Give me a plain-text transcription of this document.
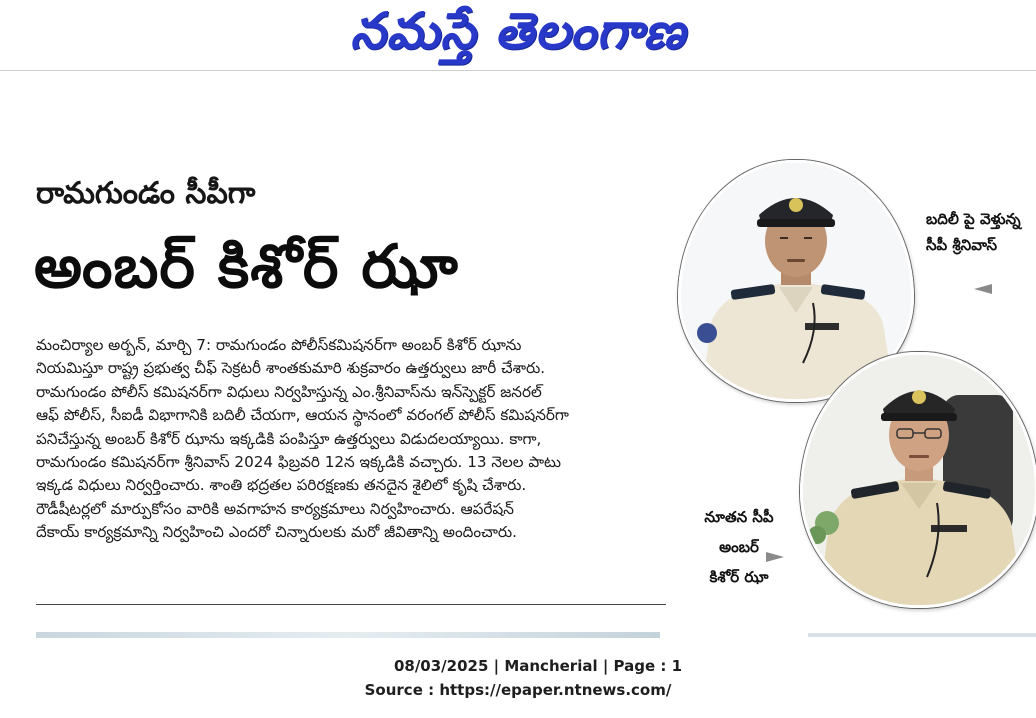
నమస్తే తెలంగాణ
రామగుండం సీపీగా
అంబర్ కిశోర్ ఝా

మంచిర్యాల అర్బన్, మార్చి 7: రామగుండం పోలీస్‌కమిషనర్‌గా అంబర్ కిశోర్ ఝాను

నియమిస్తూ రాష్ట్ర ప్రభుత్వ చీఫ్ సెక్రటరీ శాంతకుమారి శుక్రవారం ఉత్తర్వులు జారీ చేశారు.

రామగుండం పోలీస్ కమిషనర్‌గా విధులు నిర్వహిస్తున్న ఎం.శ్రీనివాస్‌ను ఇన్‌స్పెక్టర్ జనరల్

ఆఫ్ పోలీస్, సీఐడీ విభాగానికి బదిలీ చేయగా, ఆయన స్థానంలో వరంగల్ పోలీస్ కమిషనర్‌గా

పనిచేస్తున్న అంబర్ కిశోర్ ఝాను ఇక్కడికి పంపిస్తూ ఉత్తర్వులు విడుదలయ్యాయి. కాగా,

రామగుండం కమిషనర్‌గా శ్రీనివాస్ 2024 ఫిబ్రవరి 12న ఇక్కడికి వచ్చారు. 13 నెలల పాటు

ఇక్కడ విధులు నిర్వర్తించారు. శాంతి భద్రతల పరిరక్షణకు తనదైన శైలిలో కృషి చేశారు.

రౌడీషీటర్లలో మార్పుకోసం వారికి అవగాహన కార్యక్రమాలు నిర్వహించారు. ఆపరేషన్

దేకాయ్ కార్యక్రమాన్ని నిర్వహించి ఎందరో చిన్నారులకు మరో జీవితాన్ని అందించారు.

బదిలీ పై వెళ్తున్న
సీపీ శ్రీనివాస్
నూతన సీపీ
అంబర్
కిశోర్ ఝా
08/03/2025 | Mancherial | Page : 1
Source : https://epaper.ntnews.com/
